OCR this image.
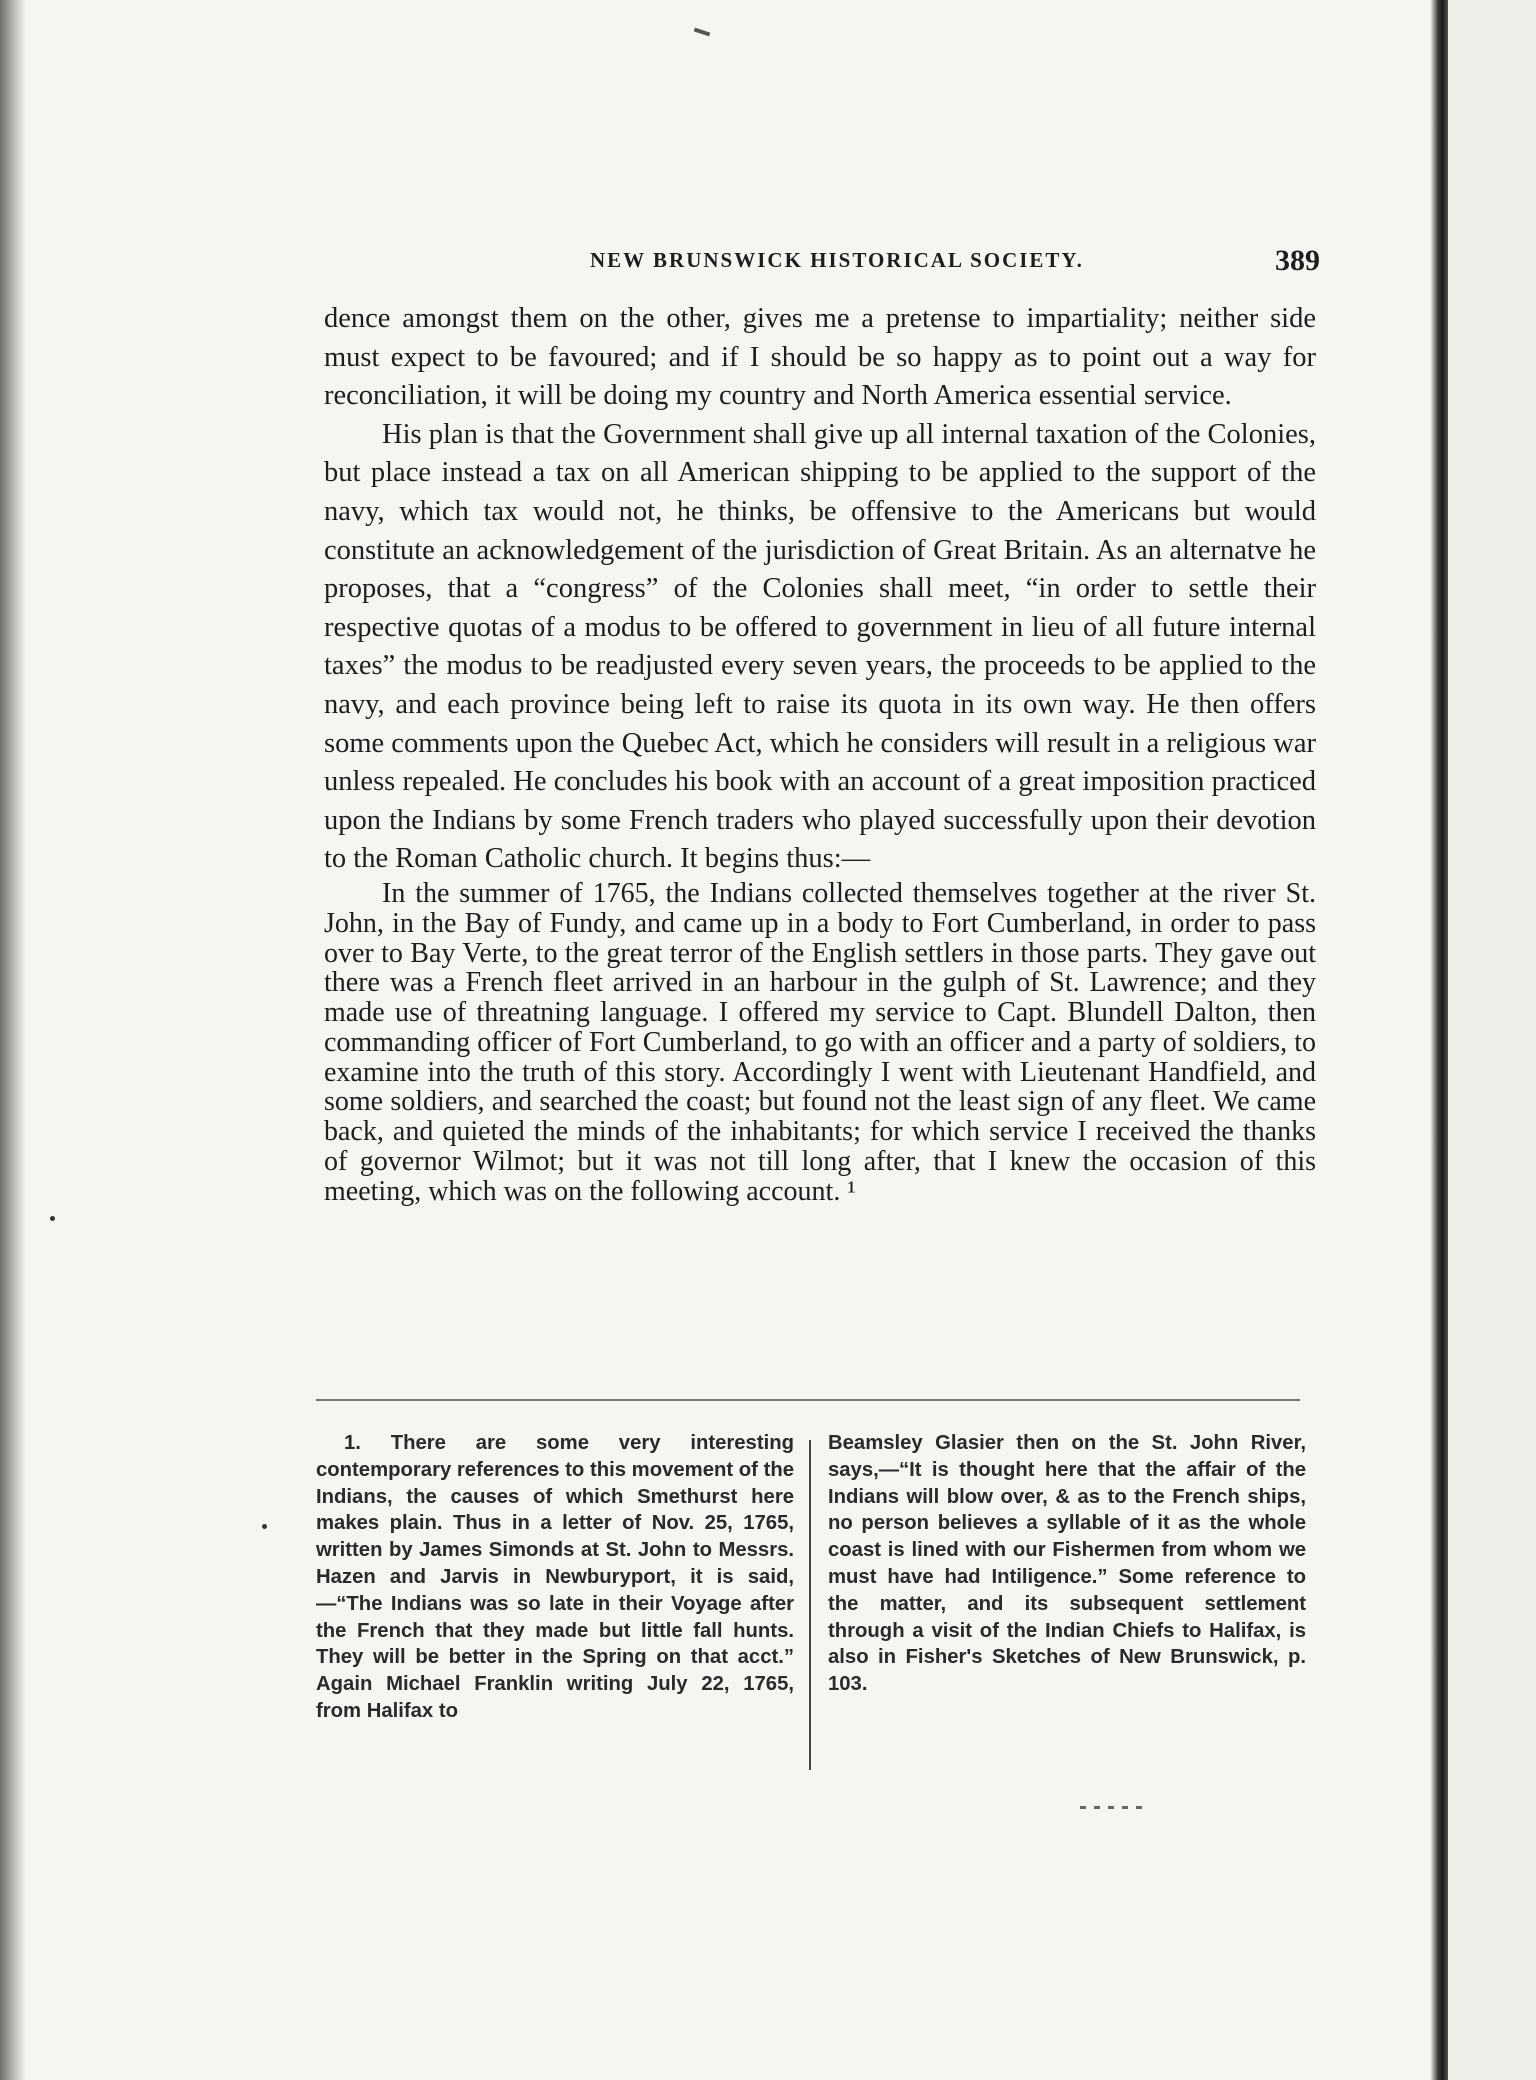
NEW BRUNSWICK HISTORICAL SOCIETY.	389

dence amongst them on the other, gives me a pretense to impartiality; neither side must expect to be favoured; and if I should be so happy as to point out a way for reconciliation, it will be doing my country and North America essential service.

His plan is that the Government shall give up all internal taxation of the Colonies, but place instead a tax on all American shipping to be applied to the support of the navy, which tax would not, he thinks, be offensive to the Americans but would constitute an acknowledgement of the jurisdiction of Great Britain. As an alternatve he proposes, that a “congress” of the Colonies shall meet, “in order to settle their respective quotas of a modus to be offered to government in lieu of all future internal taxes” the modus to be readjusted every seven years, the proceeds to be applied to the navy, and each province being left to raise its quota in its own way. He then offers some comments upon the Quebec Act, which he considers will result in a religious war unless repealed. He concludes his book with an account of a great imposition practiced upon the Indians by some French traders who played successfully upon their devotion to the Roman Catholic church. It begins thus:—

In the summer of 1765, the Indians collected themselves together at the river St. John, in the Bay of Fundy, and came up in a body to Fort Cumberland, in order to pass over to Bay Verte, to the great terror of the English settlers in those parts. They gave out there was a French fleet arrived in an harbour in the gulph of St. Lawrence; and they made use of threatning language. I offered my service to Capt. Blundell Dalton, then commanding officer of Fort Cumberland, to go with an officer and a party of soldiers, to examine into the truth of this story. Accordingly I went with Lieutenant Handfield, and some soldiers, and searched the coast; but found not the least sign of any fleet. We came back, and quieted the minds of the inhabitants; for which service I received the thanks of governor Wilmot; but it was not till long after, that I knew the occasion of this meeting, which was on the following account. ¹

1. There are some very interesting contemporary references to this movement of the Indians, the causes of which Smethurst here makes plain. Thus in a letter of Nov. 25, 1765, written by James Simonds at St. John to Messrs. Hazen and Jarvis in Newburyport, it is said,—“The Indians was so late in their Voyage after the French that they made but little fall hunts. They will be better in the Spring on that acct.” Again Michael Franklin writing July 22, 1765, from Halifax to
Beamsley Glasier then on the St. John River, says,—“It is thought here that the affair of the Indians will blow over, & as to the French ships, no person believes a syllable of it as the whole coast is lined with our Fishermen from whom we must have had Intiligence.” Some reference to the matter, and its subsequent settlement through a visit of the Indian Chiefs to Halifax, is also in Fisher's Sketches of New Brunswick, p. 103.
